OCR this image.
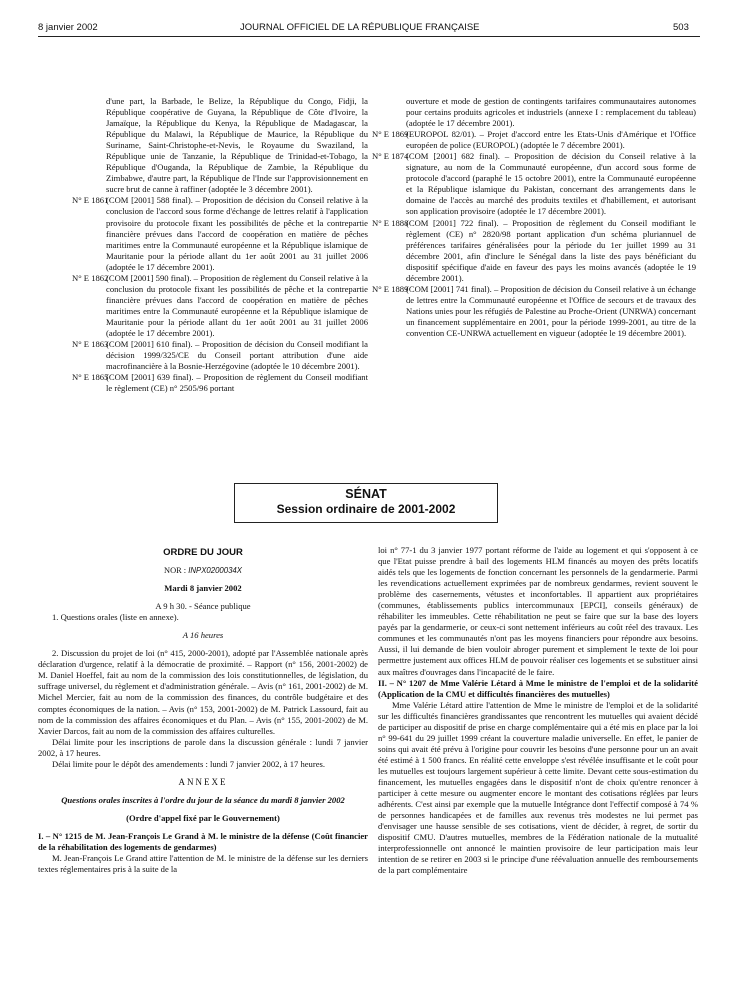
8 janvier 2002	JOURNAL OFFICIEL DE LA RÉPUBLIQUE FRANÇAISE	503

d'une part, la Barbade, le Belize, la République du Congo, Fidji, la République coopérative de Guyana, la République de Côte d'Ivoire, la Jamaïque, la République du Kenya, la République de Madagascar, la République du Malawi, la République de Maurice, la République du Suriname, Saint-Christophe-et-Nevis, le Royaume du Swaziland, la République unie de Tanzanie, la République de Trinidad-et-Tobago, la République d'Ouganda, la République de Zambie, la République du Zimbabwe, d'autre part, la République de l'Inde sur l'approvisionnement en sucre brut de canne à raffiner (adoptée le 3 décembre 2001).

N° E 1861
(COM [2001] 588 final). – Proposition de décision du Conseil relative à la conclusion de l'accord sous forme d'échange de lettres relatif à l'application provisoire du protocole fixant les possibilités de pêche et la contrepartie financière prévues dans l'accord de coopération en matière de pêches maritimes entre la Communauté européenne et la République islamique de Mauritanie pour la période allant du 1er août 2001 au 31 juillet 2006 (adoptée le 17 décembre 2001).
N° E 1862
(COM [2001] 590 final). – Proposition de règlement du Conseil relative à la conclusion du protocole fixant les possibilités de pêche et la contrepartie financière prévues dans l'accord de coopération en matière de pêches maritimes entre la Communauté européenne et la République islamique de Mauritanie pour la période allant du 1er août 2001 au 31 juillet 2006 (adoptée le 17 décembre 2001).
N° E 1863
(COM [2001] 610 final). – Proposition de décision du Conseil modifiant la décision 1999/325/CE du Conseil portant attribution d'une aide macrofinancière à la Bosnie-Herzégovine (adoptée le 10 décembre 2001).
N° E 1865
(COM [2001] 639 final). – Proposition de règlement du Conseil modifiant le règlement (CE) n° 2505/96 portant

ouverture et mode de gestion de contingents tarifaires communautaires autonomes pour certains produits agricoles et industriels (annexe I : remplacement du tableau) (adoptée le 17 décembre 2001).

N° E 1869
(EUROPOL 82/01). – Projet d'accord entre les Etats-Unis d'Amérique et l'Office européen de police (EUROPOL) (adoptée le 7 décembre 2001).
N° E 1874
(COM [2001] 682 final). – Proposition de décision du Conseil relative à la signature, au nom de la Communauté européenne, d'un accord sous forme de protocole d'accord (paraphé le 15 octobre 2001), entre la Communauté européenne et la République islamique du Pakistan, concernant des arrangements dans le domaine de l'accès au marché des produits textiles et d'habillement, et autorisant son application provisoire (adoptée le 17 décembre 2001).
N° E 1888
(COM [2001] 722 final). – Proposition de règlement du Conseil modifiant le règlement (CE) n° 2820/98 portant application d'un schéma pluriannuel de préférences tarifaires généralisées pour la période du 1er juillet 1999 au 31 décembre 2001, afin d'inclure le Sénégal dans la liste des pays bénéficiant du dispositif spécifique d'aide en faveur des pays les moins avancés (adoptée le 19 décembre 2001).
N° E 1889
(COM [2001] 741 final). – Proposition de décision du Conseil relative à un échange de lettres entre la Communauté européenne et l'Office de secours et de travaux des Nations unies pour les réfugiés de Palestine au Proche-Orient (UNRWA) concernant un financement supplémentaire en 2001, pour la période 1999-2001, au titre de la convention CE-UNRWA actuellement en vigueur (adoptée le 19 décembre 2001).
SÉNAT
Session ordinaire de 2001-2002
ORDRE DU JOUR
NOR : INPX0200034X

Mardi 8 janvier 2002

A 9 h 30. - Séance publique

1. Questions orales (liste en annexe).

A 16 heures

2. Discussion du projet de loi (n° 415, 2000-2001), adopté par l'Assemblée nationale après déclaration d'urgence, relatif à la démocratie de proximité. – Rapport (n° 156, 2001-2002) de M. Daniel Hoeffel, fait au nom de la commission des lois constitutionnelles, de législation, du suffrage universel, du règlement et d'administration générale. – Avis (n° 161, 2001-2002) de M. Michel Mercier, fait au nom de la commission des finances, du contrôle budgétaire et des comptes économiques de la nation. – Avis (n° 153, 2001-2002) de M. Patrick Lassourd, fait au nom de la commission des affaires économiques et du Plan. – Avis (n° 155, 2001-2002) de M. Xavier Darcos, fait au nom de la commission des affaires culturelles.

Délai limite pour les inscriptions de parole dans la discussion générale : lundi 7 janvier 2002, à 17 heures.

Délai limite pour le dépôt des amendements : lundi 7 janvier 2002, à 17 heures.

ANNEXE

Questions orales inscrites à l'ordre du jour de la séance du mardi 8 janvier 2002

(Ordre d'appel fixé par le Gouvernement)

I. – N° 1215 de M. Jean-François Le Grand à M. le ministre de la défense (Coût financier de la réhabilitation des logements de gendarmes)

M. Jean-François Le Grand attire l'attention de M. le ministre de la défense sur les derniers textes réglementaires pris à la suite de la

loi n° 77-1 du 3 janvier 1977 portant réforme de l'aide au logement et qui s'opposent à ce que l'Etat puisse prendre à bail des logements HLM financés au moyen des prêts locatifs aidés tels que les logements de fonction concernant les personnels de la gendarmerie. Parmi les revendications actuellement exprimées par de nombreux gendarmes, revient souvent le problème des casernements, vétustes et inconfortables. Il appartient aux propriétaires (communes, établissements publics intercommunaux [EPCI], conseils généraux) de réhabiliter les immeubles. Cette réhabilitation ne peut se faire que sur la base des loyers payés par la gendarmerie, or ceux-ci sont nettement inférieurs au coût réel des travaux. Les communes et les communautés n'ont pas les moyens financiers pour répondre aux besoins. Aussi, il lui demande de bien vouloir abroger purement et simplement le texte de loi pour permettre justement aux offices HLM de pouvoir réaliser ces logements et se substituer ainsi aux maîtres d'ouvrages dans l'incapacité de le faire.

II. – N° 1207 de Mme Valérie Létard à Mme le ministre de l'emploi et de la solidarité (Application de la CMU et difficultés financières des mutuelles)

Mme Valérie Létard attire l'attention de Mme le ministre de l'emploi et de la solidarité sur les difficultés financières grandissantes que rencontrent les mutuelles qui avaient décidé de participer au dispositif de prise en charge complémentaire qui a été mis en place par la loi n° 99-641 du 29 juillet 1999 créant la couverture maladie universelle. En effet, le panier de soins qui avait été prévu à l'origine pour couvrir les besoins d'une personne pour un an avait été estimé à 1 500 francs. En réalité cette enveloppe s'est révélée insuffisante et le coût pour les mutuelles est toujours largement supérieur à cette limite. Devant cette sous-estimation du financement, les mutuelles engagées dans le dispositif n'ont de choix qu'entre renoncer à participer à cette mesure ou augmenter encore le montant des cotisations réglées par leurs adhérents. C'est ainsi par exemple que la mutuelle Intégrance dont l'effectif composé à 74 % de personnes handicapées et de familles aux revenus très modestes ne lui permet pas d'envisager une hausse sensible de ses cotisations, vient de décider, à regret, de sortir du dispositif CMU. D'autres mutuelles, membres de la Fédération nationale de la mutualité interprofessionnelle ont annoncé le maintien provisoire de leur participation mais leur intention de se retirer en 2003 si le principe d'une réévaluation annuelle des remboursements de la part complémentaire
